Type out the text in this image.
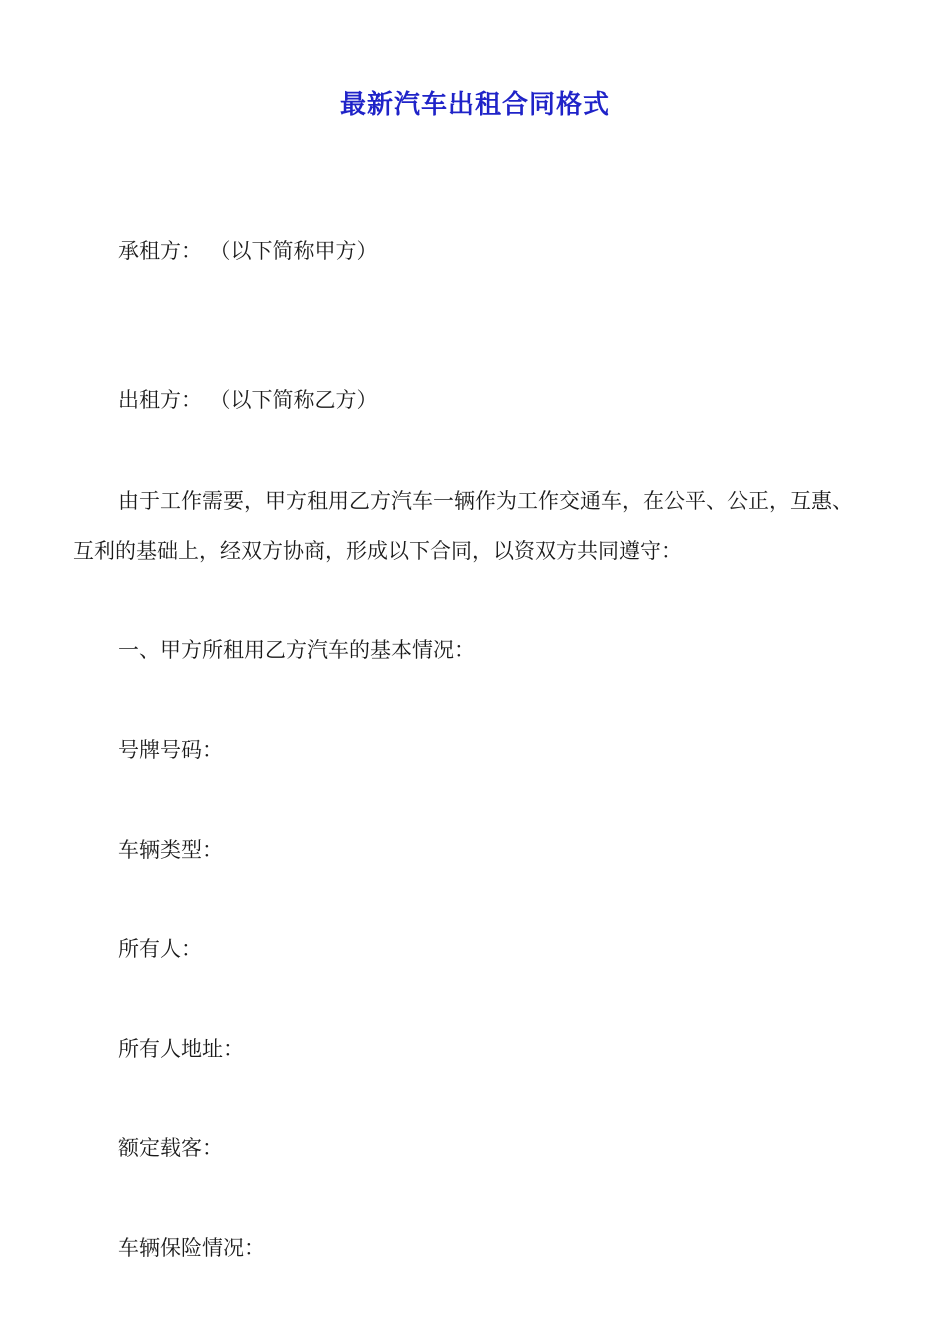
最新汽车出租合同格式

承租方： （以下简称甲方）

出租方： （以下简称乙方）

由于工作需要，甲方租用乙方汽车一辆作为工作交通车，在公平、公正，互惠、

互利的基础上，经双方协商，形成以下合同，以资双方共同遵守：

一、甲方所租用乙方汽车的基本情况：

号牌号码：

车辆类型：

所有人：

所有人地址：

额定载客：

车辆保险情况：
